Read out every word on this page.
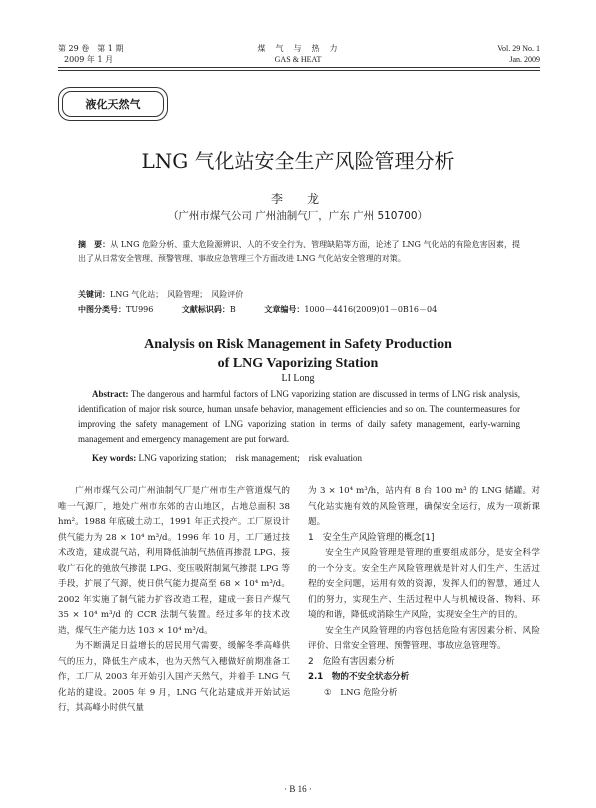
第 29 卷　第 1 期
2009 年 1 月
煤　气　与　热　力
GAS & HEAT
Vol. 29 No. 1
Jan. 2009
液化天然气
LNG 气化站安全生产风险管理分析
李　龙
（广州市煤气公司 广州油制气厂，广东 广州 510700）
摘　要：从 LNG 危险分析、重大危险源辨识、人的不安全行为、管理缺陷等方面，论述了 LNG 气化站的有险危害因素，提出了从日常安全管理、预警管理、事故应急管理三个方面改进 LNG 气化站安全管理的对策。
关键词：LNG 气化站；　风险管理；　风险评价
中图分类号：TU996	文献标识码：B	文章编号：1000－4416(2009)01－0B16－04
Analysis on Risk Management in Safety Production
of LNG Vaporizing Station
LI Long
Abstract: The dangerous and harmful factors of LNG vaporizing station are discussed in terms of LNG risk analysis, identification of major risk source, human unsafe behavior, management efficiencies and so on. The countermeasures for improving the safety management of LNG vaporizing station in terms of daily safety management, early-warning management and emergency management are put forward.
Key words: LNG vaporizing station;　risk management;　risk evaluation

广州市煤气公司广州油制气厂是广州市生产管道煤气的唯一气源厂，地处广州市东郊的吉山地区，占地总面积 38 hm²。1988 年底破土动工，1991 年正式投产。工厂原设计供气能力为 28 × 10⁴ m³/d。1996 年 10 月，工厂通过技术改造，建成混气站，利用降低油制气热值再掺混 LPG、接收广石化的弛放气掺混 LPG、变压吸附制氮气掺混 LPG 等手段，扩展了气源，使日供气能力提高至 68 × 10⁴ m³/d。2002 年实施了制气能力扩容改造工程，建成一套日产煤气 35 × 10⁴ m³/d 的 CCR 法制气装置。经过多年的技术改造，煤气生产能力达 103 × 10⁴ m³/d。

为不断满足日益增长的居民用气需要，缓解冬季高峰供气的压力，降低生产成本，也为天然气入穗做好前期准备工作，工厂从 2003 年开始引入国产天然气，并着手 LNG 气化站的建设。2005 年 9 月，LNG 气化站建成并开始试运行，其高峰小时供气量

为 3 × 10⁴ m³/h，站内有 8 台 100 m³ 的 LNG 储罐。对气化站实施有效的风险管理，确保安全运行，成为一项新课题。

1　安全生产风险管理的概念[1]

安全生产风险管理是管理的重要组成部分，是安全科学的一个分支。安全生产风险管理就是针对人们生产、生活过程的安全问题，运用有效的资源，发挥人们的智慧，通过人们的努力，实现生产、生活过程中人与机械设备、物料、环境的和谐，降低或消除生产风险，实现安全生产的目的。

安全生产风险管理的内容包括危险有害因素分析、风险评价、日常安全管理、预警管理、事故应急管理等。

2　危险有害因素分析
2.1　物的不安全状态分析
①　LNG 危险分析
· B 16 ·
